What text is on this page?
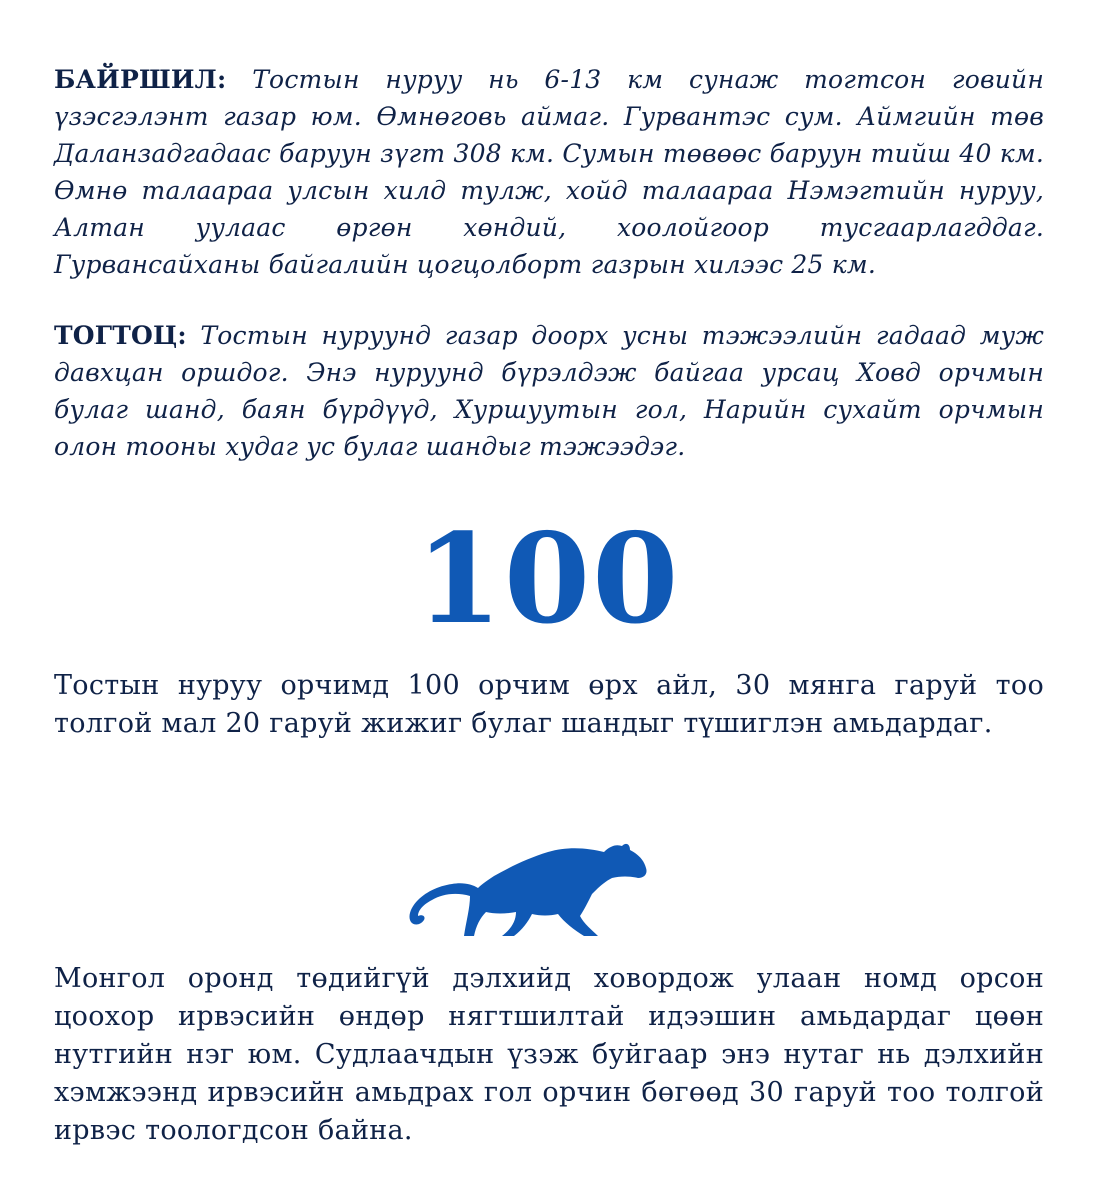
БАЙРШИЛ: Тостын нуруу нь 6-13 км сунаж тогтсон говийн үзэсгэлэнт газар юм. Өмнөговь аймаг. Гурвантэс сум. Аймгийн төв Даланзадгадаас баруун зүгт 308 км. Сумын төвөөс баруун тийш 40 км. Өмнө талаараа улсын хилд тулж, хойд талаараа Нэмэгтийн нуруу, Алтан уулаас өргөн хөндий, хоолойгоор тусгаарлагддаг. Гурвансайханы байгалийн цогцолборт газрын хилээс 25 км.

ТОГТОЦ: Тостын нуруунд газар доорх усны тэжээлийн гадаад муж давхцан оршдог. Энэ нуруунд бүрэлдэж байгаа урсац Ховд орчмын булаг шанд, баян бүрдүүд, Хуршуутын гол, Нарийн сухайт орчмын олон тооны худаг ус булаг шандыг тэжээдэг.

100

Тостын нуруу орчимд 100 орчим өрх айл, 30 мянга гаруй тоо толгой мал 20 гаруй жижиг булаг шандыг түшиглэн амьдардаг.

Монгол оронд төдийгүй дэлхийд ховордож улаан номд орсон цоохор ирвэсийн өндөр нягтшилтай идээшин амьдардаг цөөн нутгийн нэг юм. Судлаачдын үзэж буйгаар энэ нутаг нь дэлхийн хэмжээнд ирвэсийн амьдрах гол орчин бөгөөд 30 гаруй тоо толгой ирвэс тоологдсон байна.
